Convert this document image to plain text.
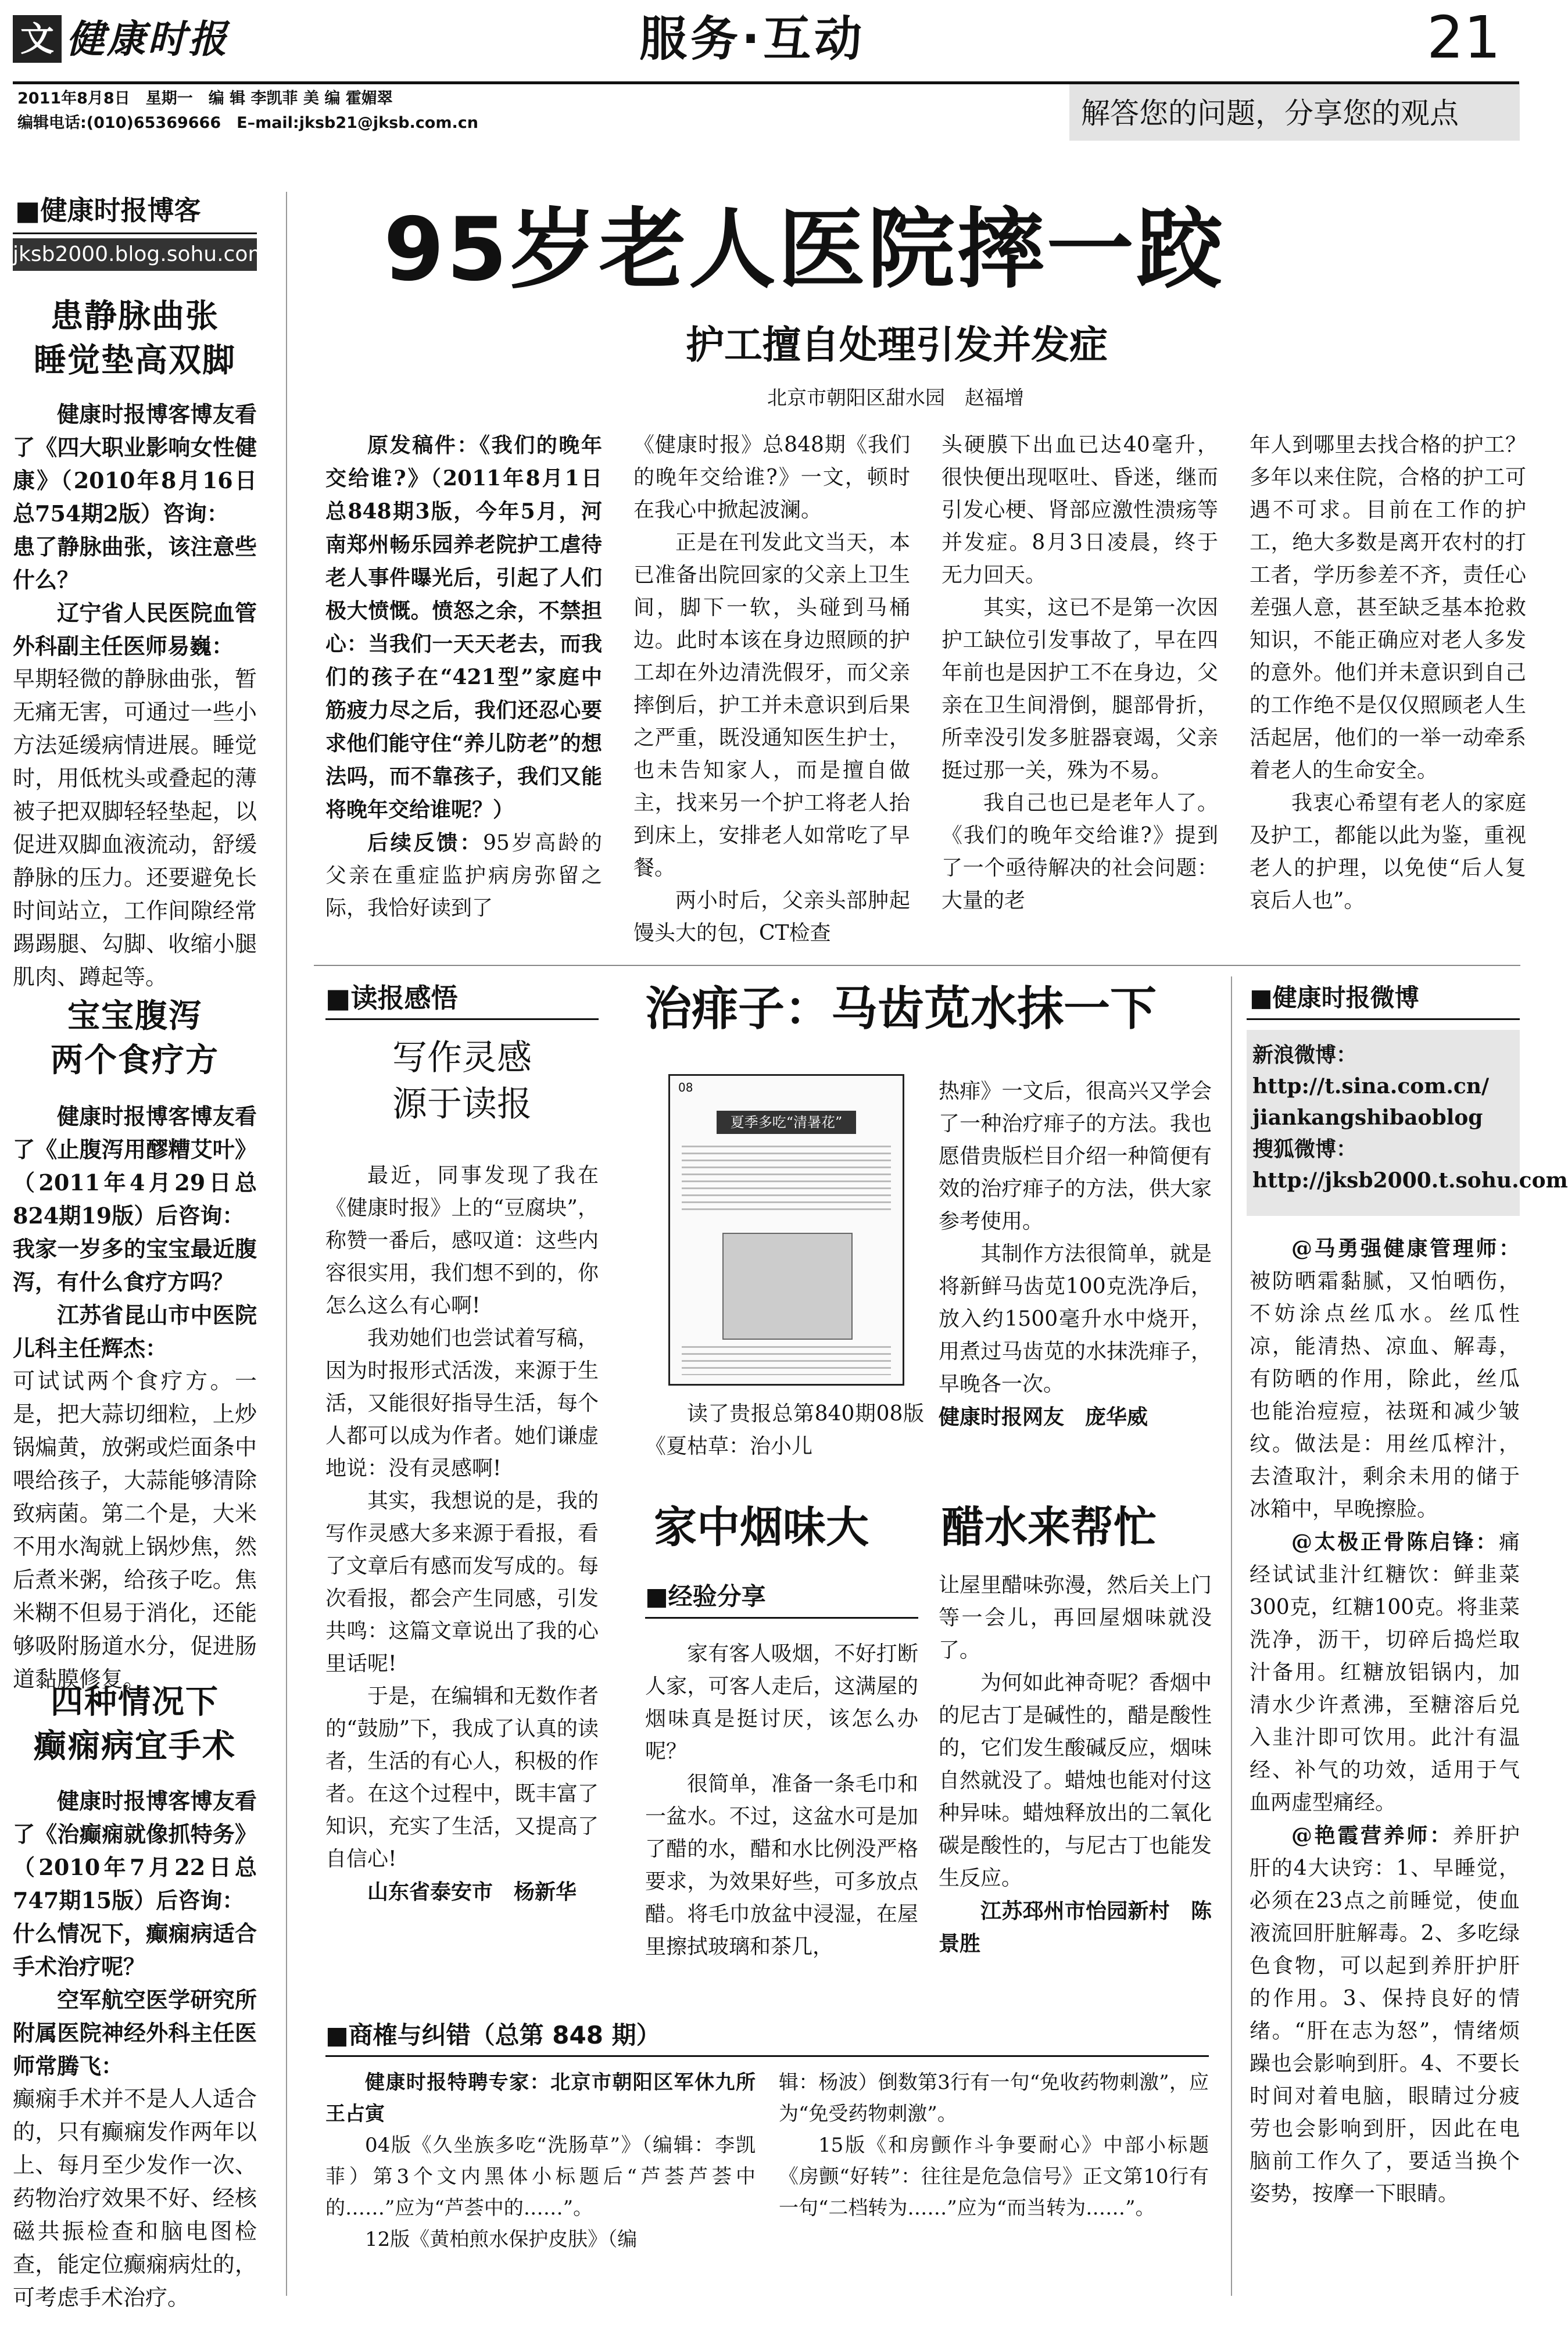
文 健康时报	服务·互动	21
2011年8月8日　星期一　编 辑 李凯菲 美 编 霍媚翠
编辑电话:(010)65369666　E–mail:jksb21@jksb.com.cn	解答您的问题，分享您的观点
■健康时报博客
jksb2000.blog.sohu.com
患静脉曲张
睡觉垫高双脚

健康时报博客博友看了《四大职业影响女性健康》（2010年8月16日总754期2版）咨询：

患了静脉曲张，该注意些什么？

辽宁省人民医院血管外科副主任医师易巍：

早期轻微的静脉曲张，暂无痛无害，可通过一些小方法延缓病情进展。睡觉时，用低枕头或叠起的薄被子把双脚轻轻垫起，以促进双脚血液流动，舒缓静脉的压力。还要避免长时间站立，工作间隙经常踢踢腿、勾脚、收缩小腿肌肉、蹲起等。

宝宝腹泻
两个食疗方

健康时报博客博友看了《止腹泻用醪糟艾叶》（2011年4月29日总824期19版）后咨询：

我家一岁多的宝宝最近腹泻，有什么食疗方吗？

江苏省昆山市中医院儿科主任辉杰：

可试试两个食疗方。一是，把大蒜切细粒，上炒锅煸黄，放粥或烂面条中喂给孩子，大蒜能够清除致病菌。第二个是，大米不用水淘就上锅炒焦，然后煮米粥，给孩子吃。焦米糊不但易于消化，还能够吸附肠道水分，促进肠道黏膜修复。

四种情况下
癫痫病宜手术

健康时报博客博友看了《治癫痫就像抓特务》（2010年7月22日总747期15版）后咨询：

什么情况下，癫痫病适合手术治疗呢？

空军航空医学研究所附属医院神经外科主任医师常腾飞：

癫痫手术并不是人人适合的，只有癫痫发作两年以上、每月至少发作一次、药物治疗效果不好、经核磁共振检查和脑电图检查，能定位癫痫病灶的，可考虑手术治疗。

95岁老人医院摔一跤
护工擅自处理引发并发症
北京市朝阳区甜水园　赵福增

原发稿件：《我们的晚年交给谁?》（2011年8月1日总848期3版，今年5月，河南郑州畅乐园养老院护工虐待老人事件曝光后，引起了人们极大愤慨。愤怒之余，不禁担心：当我们一天天老去，而我们的孩子在“421型”家庭中筋疲力尽之后，我们还忍心要求他们能守住“养儿防老”的想法吗，而不靠孩子，我们又能将晚年交给谁呢？）

后续反馈：95岁高龄的父亲在重症监护病房弥留之际，我恰好读到了

《健康时报》总848期《我们的晚年交给谁?》一文，顿时在我心中掀起波澜。

正是在刊发此文当天，本已准备出院回家的父亲上卫生间，脚下一软，头碰到马桶边。此时本该在身边照顾的护工却在外边清洗假牙，而父亲摔倒后，护工并未意识到后果之严重，既没通知医生护士，也未告知家人，而是擅自做主，找来另一个护工将老人抬到床上，安排老人如常吃了早餐。

两小时后，父亲头部肿起馒头大的包，CT检查

头硬膜下出血已达40毫升，很快便出现呕吐、昏迷，继而引发心梗、肾部应激性溃疡等并发症。8月3日凌晨，终于无力回天。

其实，这已不是第一次因护工缺位引发事故了，早在四年前也是因护工不在身边，父亲在卫生间滑倒，腿部骨折，所幸没引发多脏器衰竭，父亲挺过那一关，殊为不易。

我自己也已是老年人了。《我们的晚年交给谁?》提到了一个亟待解决的社会问题：大量的老

年人到哪里去找合格的护工？多年以来住院，合格的护工可遇不可求。目前在工作的护工，绝大多数是离开农村的打工者，学历参差不齐，责任心差强人意，甚至缺乏基本抢救知识，不能正确应对老人多发的意外。他们并未意识到自己的工作绝不是仅仅照顾老人生活起居，他们的一举一动牵系着老人的生命安全。

我衷心希望有老人的家庭及护工，都能以此为鉴，重视老人的护理，以免使“后人复哀后人也”。

■读报感悟
写作灵感
源于读报

最近，同事发现了我在《健康时报》上的“豆腐块”，称赞一番后，感叹道：这些内容很实用，我们想不到的，你怎么这么有心啊!

我劝她们也尝试着写稿，因为时报形式活泼，来源于生活，又能很好指导生活，每个人都可以成为作者。她们谦虚地说：没有灵感啊!

其实，我想说的是，我的写作灵感大多来源于看报，看了文章后有感而发写成的。每次看报，都会产生同感，引发共鸣：这篇文章说出了我的心里话呢!

于是，在编辑和无数作者的“鼓励”下，我成了认真的读者，生活的有心人，积极的作者。在这个过程中，既丰富了知识，充实了生活，又提高了自信心!

山东省泰安市　杨新华

治痱子：马齿苋水抹一下
08
夏季多吃“清暑花”

读了贵报总第840期08版《夏枯草：治小儿

热痱》一文后，很高兴又学会了一种治疗痱子的方法。我也愿借贵版栏目介绍一种简便有效的治疗痱子的方法，供大家参考使用。

其制作方法很简单，就是将新鲜马齿苋100克洗净后，放入约1500毫升水中烧开，用煮过马齿苋的水抹洗痱子，早晚各一次。

健康时报网友　庞华威

家中烟味大 醋水来帮忙
■经验分享

家有客人吸烟，不好打断人家，可客人走后，这满屋的烟味真是挺讨厌，该怎么办呢？

很简单，准备一条毛巾和一盆水。不过，这盆水可是加了醋的水，醋和水比例没严格要求，为效果好些，可多放点醋。将毛巾放盆中浸湿，在屋里擦拭玻璃和茶几，

让屋里醋味弥漫，然后关上门等一会儿，再回屋烟味就没了。

为何如此神奇呢？香烟中的尼古丁是碱性的，醋是酸性的，它们发生酸碱反应，烟味自然就没了。蜡烛也能对付这种异味。蜡烛释放出的二氧化碳是酸性的，与尼古丁也能发生反应。

江苏邳州市怡园新村　陈景胜

■商榷与纠错（总第 848 期）

健康时报特聘专家：北京市朝阳区军休九所　王占寅

04版《久坐族多吃“洗肠草”》（编辑：李凯菲）第3个文内黑体小标题后“芦荟芦荟中的……”应为“芦荟中的……”。

12版《黄柏煎水保护皮肤》（编

辑：杨波）倒数第3行有一句“免收药物刺激”，应为“免受药物刺激”。

15版《和房颤作斗争要耐心》中部小标题《房颤“好转”：往往是危急信号》正文第10行有一句“二档转为……”应为“而当转为……”。

■健康时报微博
新浪微博：
http://t.sina.com.cn/
jiankangshibaoblog
搜狐微博：
http://jksb2000.t.sohu.com

@马勇强健康管理师：被防晒霜黏腻，又怕晒伤，不妨涂点丝瓜水。丝瓜性凉，能清热、凉血、解毒，有防晒的作用，除此，丝瓜也能治痘痘，祛斑和减少皱纹。做法是：用丝瓜榨汁，去渣取汁，剩余未用的储于冰箱中，早晚擦脸。

@太极正骨陈启锋：痛经试试韭汁红糖饮：鲜韭菜300克，红糖100克。将韭菜洗净，沥干，切碎后捣烂取汁备用。红糖放铝锅内，加清水少许煮沸，至糖溶后兑入韭汁即可饮用。此汁有温经、补气的功效，适用于气血两虚型痛经。

@艳霞营养师：养肝护肝的4大诀窍：1、早睡觉，必须在23点之前睡觉，使血液流回肝脏解毒。2、多吃绿色食物，可以起到养肝护肝的作用。3、保持良好的情绪。“肝在志为怒”，情绪烦躁也会影响到肝。4、不要长时间对着电脑，眼睛过分疲劳也会影响到肝，因此在电脑前工作久了，要适当换个姿势，按摩一下眼睛。
